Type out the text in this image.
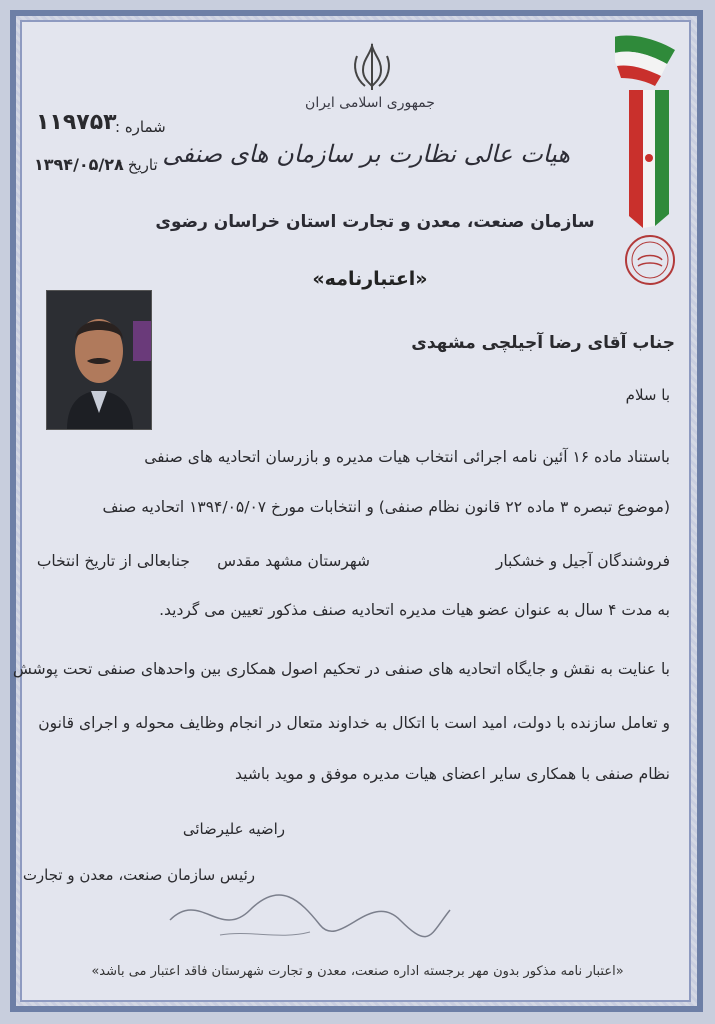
جمهوری اسلامی ایران
هیات عالی نظارت بر سازمان های صنفی
سازمان صنعت، معدن و تجارت استان خراسان رضوی
«اعتبارنامه»
شماره :
۱۱۹۷۵۳
تاریخ :
۱۳۹۴/۰۵/۲۸
جناب آقای رضا آجیلچی مشهدی
با سلام
باستناد ماده ۱۶ آئین نامه اجرائی انتخاب هیات مدیره و بازرسان اتحادیه های صنفی
(موضوع تبصره ۳ ماده ۲۲ قانون نظام صنفی) و انتخابات مورخ ۱۳۹۴/۰۵/۰۷ اتحادیه صنف
فروشندگان آجیل و خشکبار
شهرستان مشهد مقدس
جنابعالی از تاریخ انتخاب
به مدت ۴ سال به عنوان عضو هیات مدیره اتحادیه صنف مذکور تعیین می گردید.
با عنایت به نقش و جایگاه اتحادیه های صنفی در تحکیم اصول همکاری بین واحدهای صنفی تحت پوشش
و تعامل سازنده با دولت، امید است با اتکال به خداوند متعال در انجام وظایف محوله و اجرای قانون
نظام صنفی با همکاری سایر اعضای هیات مدیره موفق و موید باشید
راضیه علیرضائی
رئیس سازمان صنعت، معدن و تجارت
«اعتبار نامه مذکور بدون مهر برجسته اداره صنعت، معدن و تجارت شهرستان فاقد اعتبار می باشد»
